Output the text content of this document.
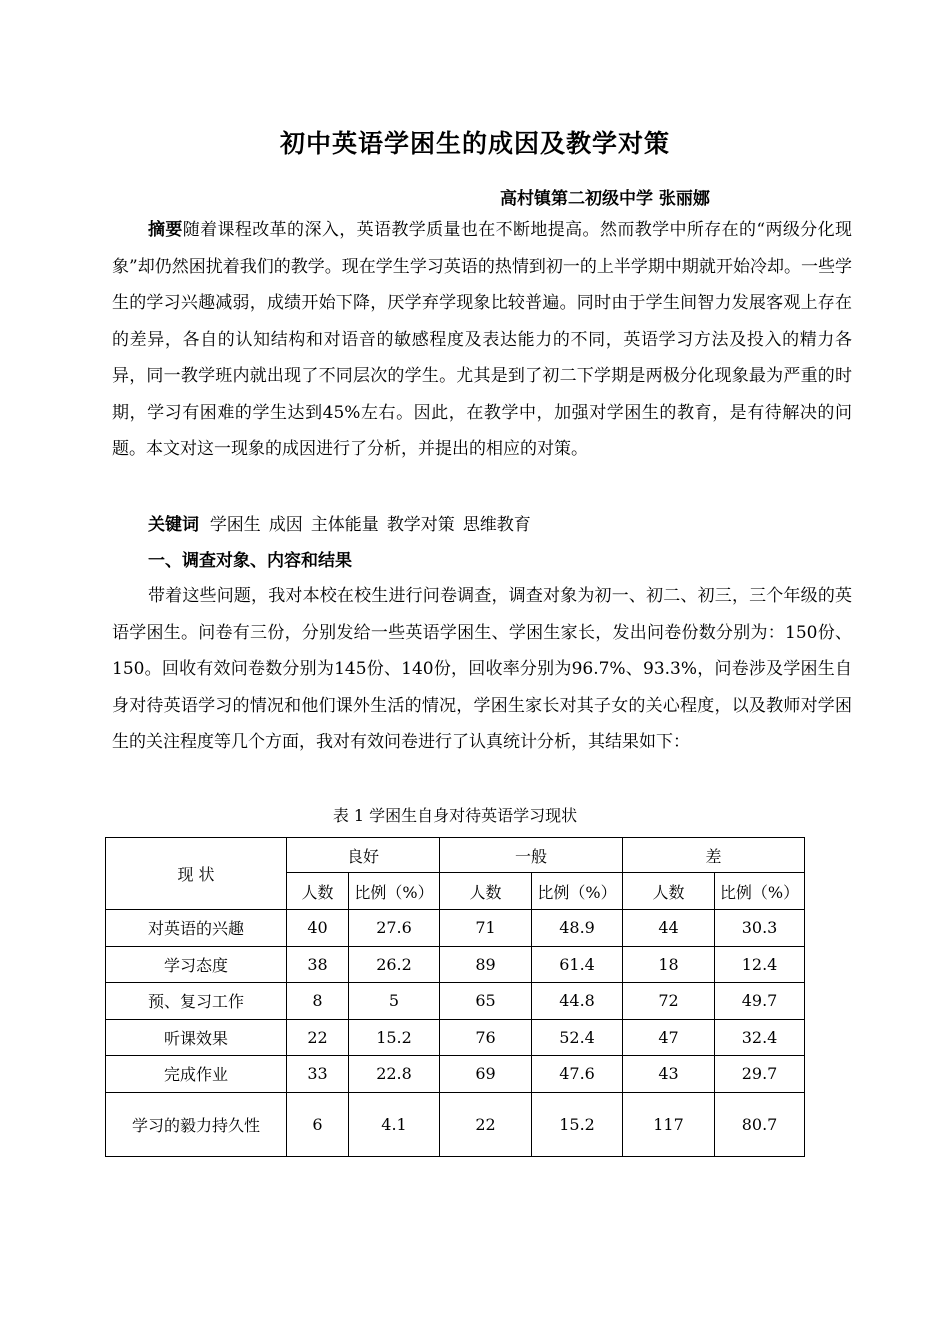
初中英语学困生的成因及教学对策

高村镇第二初级中学 张丽娜

摘要随着课程改革的深入，英语教学质量也在不断地提高。然而教学中所存在的“两级分化现象”却仍然困扰着我们的教学。现在学生学习英语的热情到初一的上半学期中期就开始冷却。一些学生的学习兴趣减弱，成绩开始下降，厌学弃学现象比较普遍。同时由于学生间智力发展客观上存在的差异，各自的认知结构和对语音的敏感程度及表达能力的不同，英语学习方法及投入的精力各异，同一教学班内就出现了不同层次的学生。尤其是到了初二下学期是两极分化现象最为严重的时期，学习有困难的学生达到45%左右。因此，在教学中，加强对学困生的教育，是有待解决的问题。本文对这一现象的成因进行了分析，并提出的相应的对策。

关键词 学困生 成因 主体能量 教学对策 思维教育

一、调查对象、内容和结果

带着这些问题，我对本校在校生进行问卷调查，调查对象为初一、初二、初三，三个年级的英语学困生。问卷有三份，分别发给一些英语学困生、学困生家长，发出问卷份数分别为：150份、150。回收有效问卷数分别为145份、140份，回收率分别为96.7%、93.3%，问卷涉及学困生自身对待英语学习的情况和他们课外生活的情况，学困生家长对其子女的关心程度，以及教师对学困生的关注程度等几个方面，我对有效问卷进行了认真统计分析，其结果如下：

表 1 学困生自身对待英语学习现状

现 状	良好		一般		差	
	人数	比例（%）	人数	比例（%）	人数	比例（%）
对英语的兴趣	40	27.6	71	48.9	44	30.3
学习态度	38	26.2	89	61.4	18	12.4
预、复习工作	8	5	65	44.8	72	49.7
听课效果	22	15.2	76	52.4	47	32.4
完成作业	33	22.8	69	47.6	43	29.7
学习的毅力持久性	6	4.1	22	15.2	117	80.7
